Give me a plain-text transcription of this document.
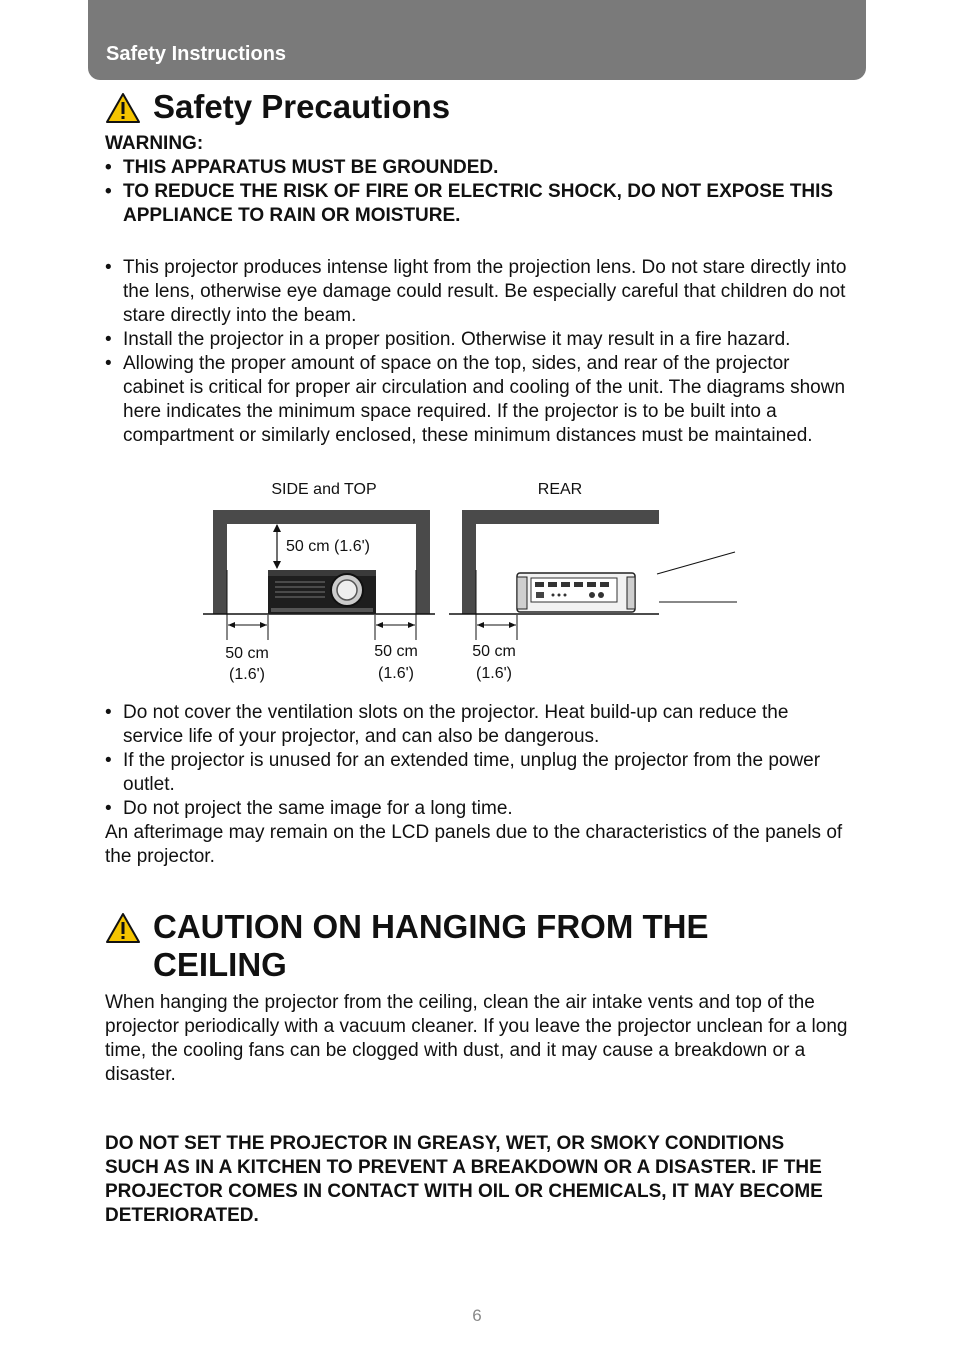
Safety Instructions
Safety Precautions
WARNING:
• THIS APPARATUS MUST BE GROUNDED.
• TO REDUCE THE RISK OF FIRE OR ELECTRIC SHOCK, DO NOT EXPOSE THIS APPLIANCE TO RAIN OR MOISTURE.
• This projector produces intense light from the projection lens. Do not stare directly into the lens, otherwise eye damage could result. Be especially careful that children do not stare directly into the beam.
• Install the projector in a proper position. Otherwise it may result in a fire hazard.
• Allowing the proper amount of space on the top, sides, and rear of the projector cabinet is critical for proper air circulation and cooling of the unit. The diagrams shown here indicates the minimum space required. If the projector is to be built into a compartment or similarly enclosed, these minimum distances must be maintained.
50 cm (1.6')
50 cm
(1.6')
50 cm
(1.6')
50 cm
(1.6')
SIDE and TOP	REAR
• Do not cover the ventilation slots on the projector. Heat build-up can reduce the service life of your projector, and can also be dangerous.
• If the projector is unused for an extended time, unplug the projector from the power outlet.
• Do not project the same image for a long time.
An afterimage may remain on the LCD panels due to the characteristics of the panels of the projector.
CAUTION ON HANGING FROM THE
CEILING
When hanging the projector from the ceiling, clean the air intake vents and top of the projector periodically with a vacuum cleaner. If you leave the projector unclean for a long time, the cooling fans can be clogged with dust, and it may cause a breakdown or a disaster.
DO NOT SET THE PROJECTOR IN GREASY, WET, OR SMOKY CONDITIONS SUCH AS IN A KITCHEN TO PREVENT A BREAKDOWN OR A DISASTER. IF THE PROJECTOR COMES IN CONTACT WITH OIL OR CHEMICALS, IT MAY BECOME DETERIORATED.
6
